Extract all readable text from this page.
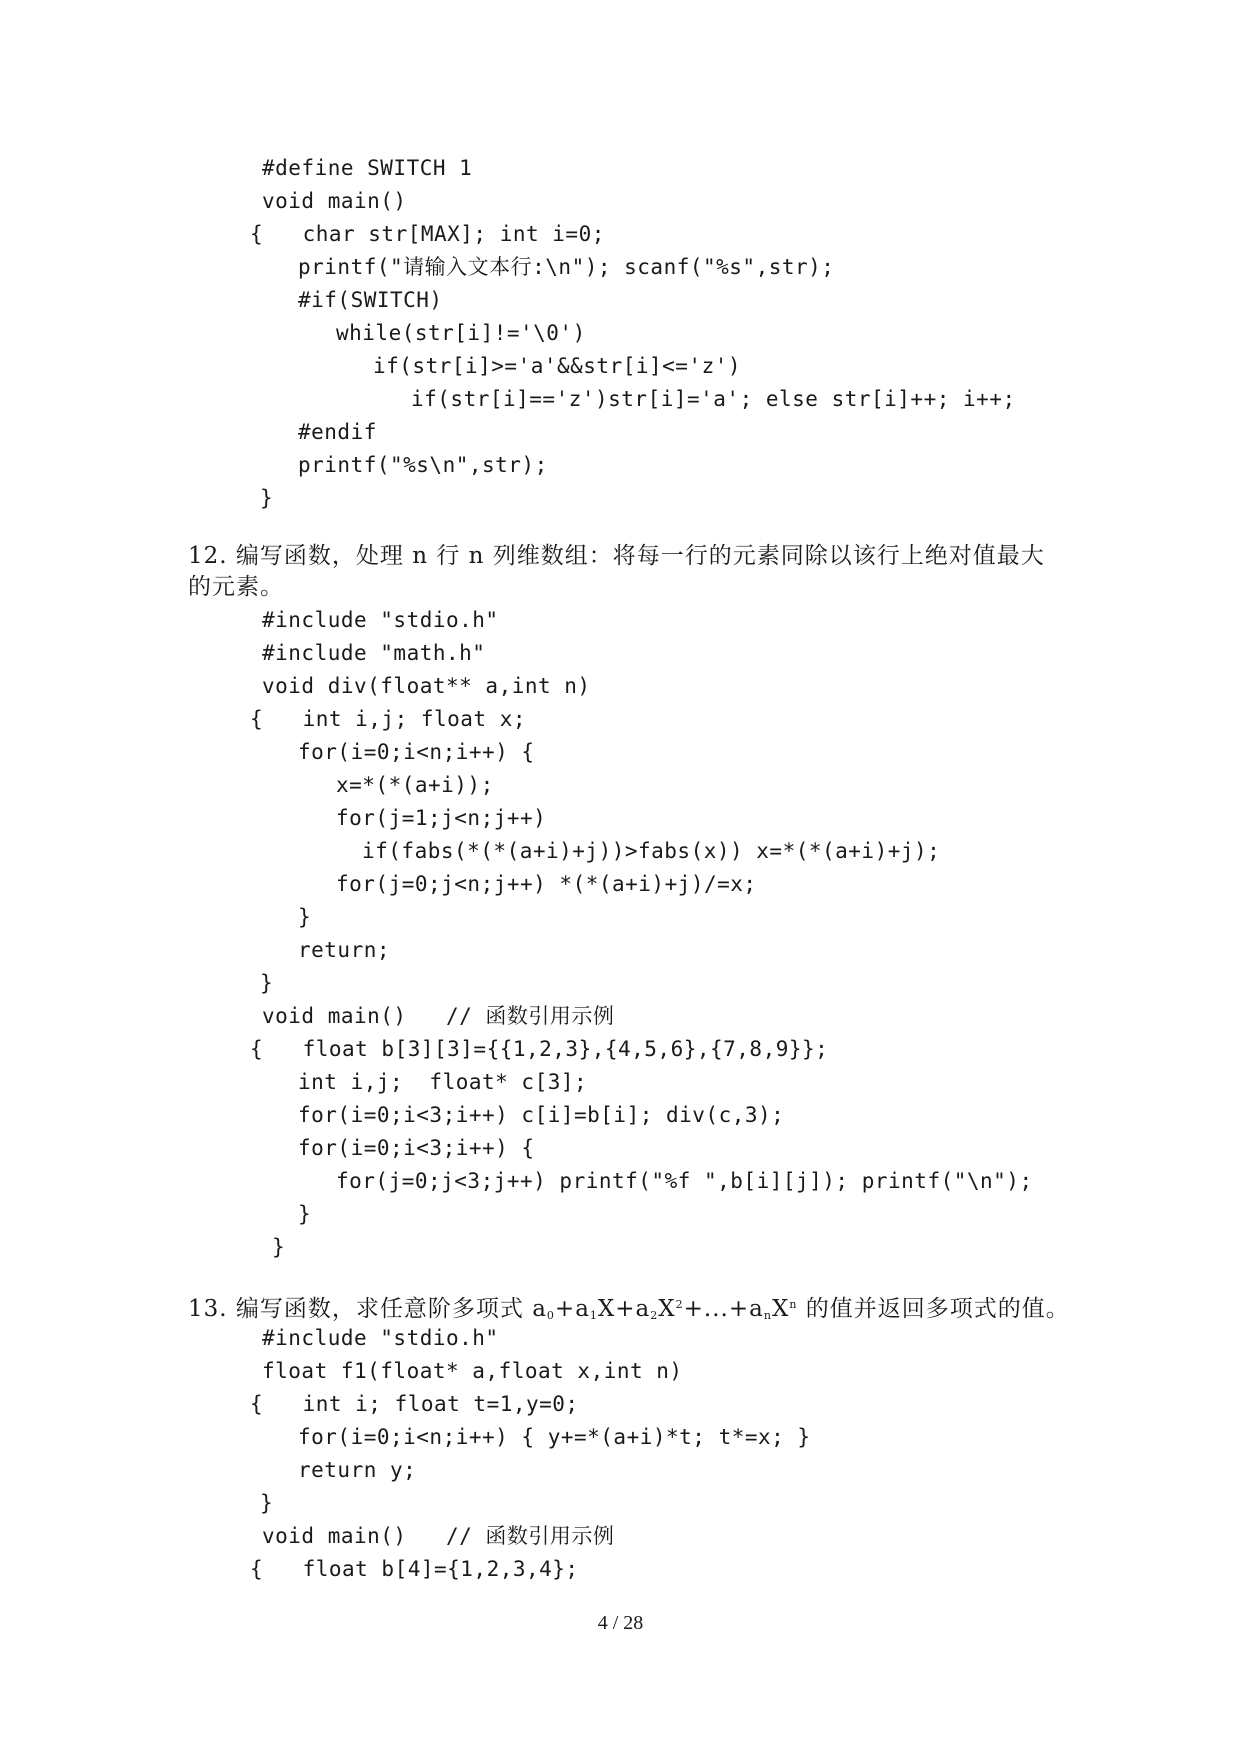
#define SWITCH 1
void main()
{   char str[MAX]; int i=0;
printf("请输入文本行:\n"); scanf("%s",str);
#if(SWITCH)
while(str[i]!='\0')
if(str[i]>='a'&&str[i]<='z')
if(str[i]=='z')str[i]='a'; else str[i]++; i++;
#endif
printf("%s\n",str);
}
12. 编写函数，处理 n 行 n 列维数组：将每一行的元素同除以该行上绝对值最大
的元素。
#include "stdio.h"
#include "math.h"
void div(float** a,int n)
{   int i,j; float x;
for(i=0;i<n;i++) {
x=*(*(a+i));
for(j=1;j<n;j++)
if(fabs(*(*(a+i)+j))>fabs(x)) x=*(*(a+i)+j);
for(j=0;j<n;j++) *(*(a+i)+j)/=x;
}
return;
}
void main()   // 函数引用示例
{   float b[3][3]={{1,2,3},{4,5,6},{7,8,9}};
int i,j;  float* c[3];
for(i=0;i<3;i++) c[i]=b[i]; div(c,3);
for(i=0;i<3;i++) {
for(j=0;j<3;j++) printf("%f ",b[i][j]); printf("\n");
}
}
13. 编写函数，求任意阶多项式 $a_0+a_1X+a_2X^2+...+a_nX^n$ 的值并返回多项式的值。
#include "stdio.h"
float f1(float* a,float x,int n)
{   int i; float t=1,y=0;
for(i=0;i<n;i++) { y+=*(a+i)*t; t*=x; }
return y;
}
void main()   // 函数引用示例
{   float b[4]={1,2,3,4};
4 / 28
